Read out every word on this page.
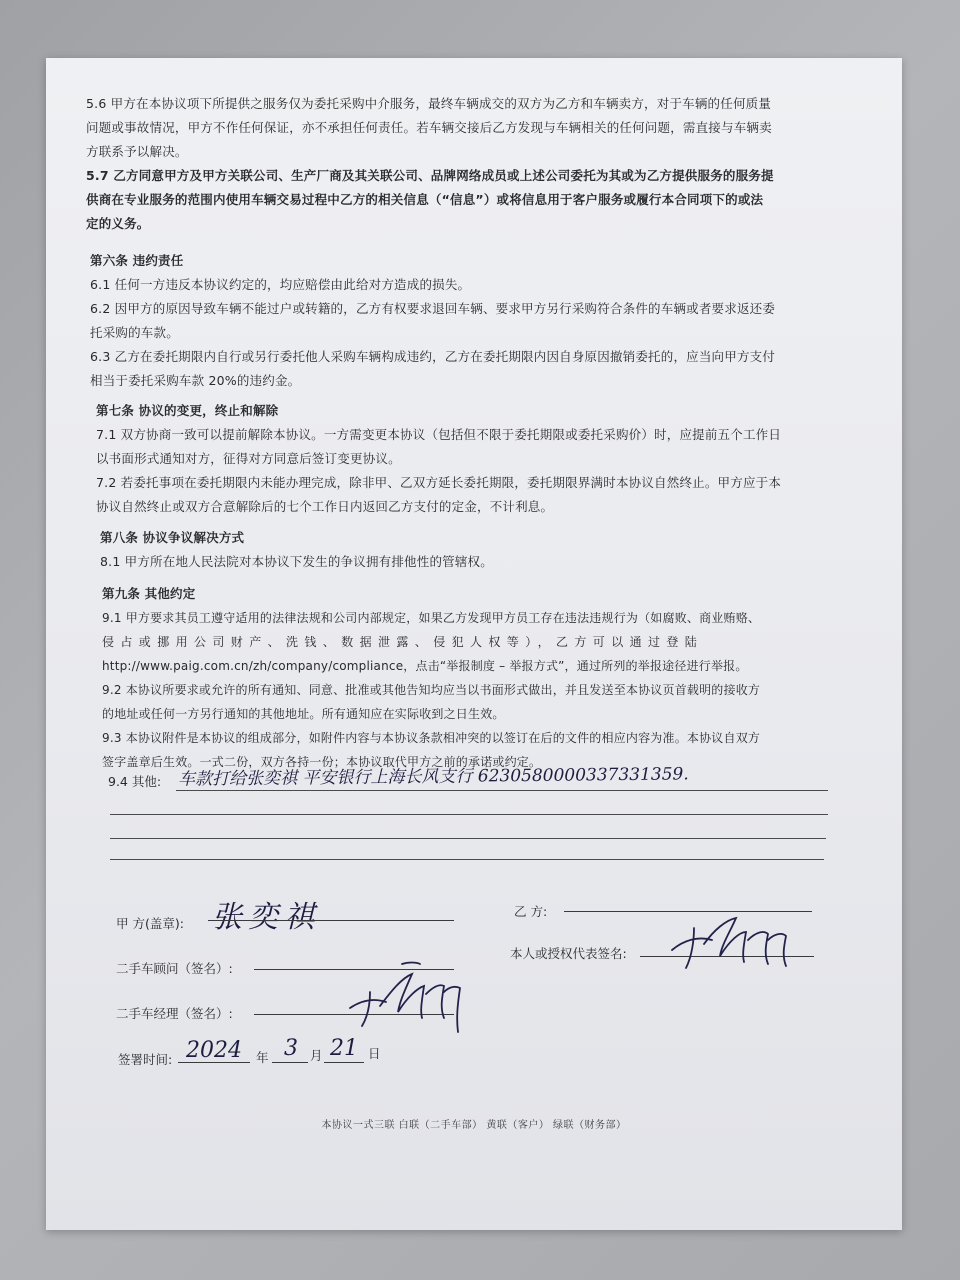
5.6 甲方在本协议项下所提供之服务仅为委托采购中介服务，最终车辆成交的双方为乙方和车辆卖方，对于车辆的任何质量
问题或事故情况，甲方不作任何保证，亦不承担任何责任。若车辆交接后乙方发现与车辆相关的任何问题，需直接与车辆卖
方联系予以解决。
5.7 乙方同意甲方及甲方关联公司、生产厂商及其关联公司、品牌网络成员或上述公司委托为其或为乙方提供服务的服务提
供商在专业服务的范围内使用车辆交易过程中乙方的相关信息（“信息”）或将信息用于客户服务或履行本合同项下的或法
定的义务。
第六条 违约责任
6.1 任何一方违反本协议约定的，均应赔偿由此给对方造成的损失。
6.2 因甲方的原因导致车辆不能过户或转籍的，乙方有权要求退回车辆、要求甲方另行采购符合条件的车辆或者要求返还委
托采购的车款。
6.3 乙方在委托期限内自行或另行委托他人采购车辆构成违约，乙方在委托期限内因自身原因撤销委托的，应当向甲方支付
相当于委托采购车款 20%的违约金。
第七条 协议的变更，终止和解除
7.1 双方协商一致可以提前解除本协议。一方需变更本协议（包括但不限于委托期限或委托采购价）时，应提前五个工作日
以书面形式通知对方，征得对方同意后签订变更协议。
7.2 若委托事项在委托期限内未能办理完成，除非甲、乙双方延长委托期限，委托期限界满时本协议自然终止。甲方应于本
协议自然终止或双方合意解除后的七个工作日内返回乙方支付的定金，不计利息。
第八条 协议争议解决方式
8.1 甲方所在地人民法院对本协议下发生的争议拥有排他性的管辖权。
第九条 其他约定
9.1 甲方要求其员工遵守适用的法律法规和公司内部规定，如果乙方发现甲方员工存在违法违规行为（如腐败、商业贿赂、
侵占或挪用公司财产、洗钱、数据泄露、侵犯人权等），乙方可以通过登陆
http://www.paig.com.cn/zh/company/compliance，点击“举报制度 – 举报方式”，通过所列的举报途径进行举报。
9.2 本协议所要求或允许的所有通知、同意、批准或其他告知均应当以书面形式做出，并且发送至本协议页首载明的接收方
的地址或任何一方另行通知的其他地址。所有通知应在实际收到之日生效。
9.3 本协议附件是本协议的组成部分，如附件内容与本协议条款相冲突的以签订在后的文件的相应内容为准。本协议自双方
签字盖章后生效。一式二份，双方各持一份；本协议取代甲方之前的承诺或约定。
9.4 其他: 车款打给张奕祺 平安银行上海长风支行 6230580000337331359.
甲 方(盖章): 张奕祺	乙 方:
本人或授权代表签名:
二手车顾问（签名）:
二手车经理（签名）:
签署时间: 2024 年 3 月 21 日
本协议一式三联 白联（二手车部） 黄联（客户） 绿联（财务部）
